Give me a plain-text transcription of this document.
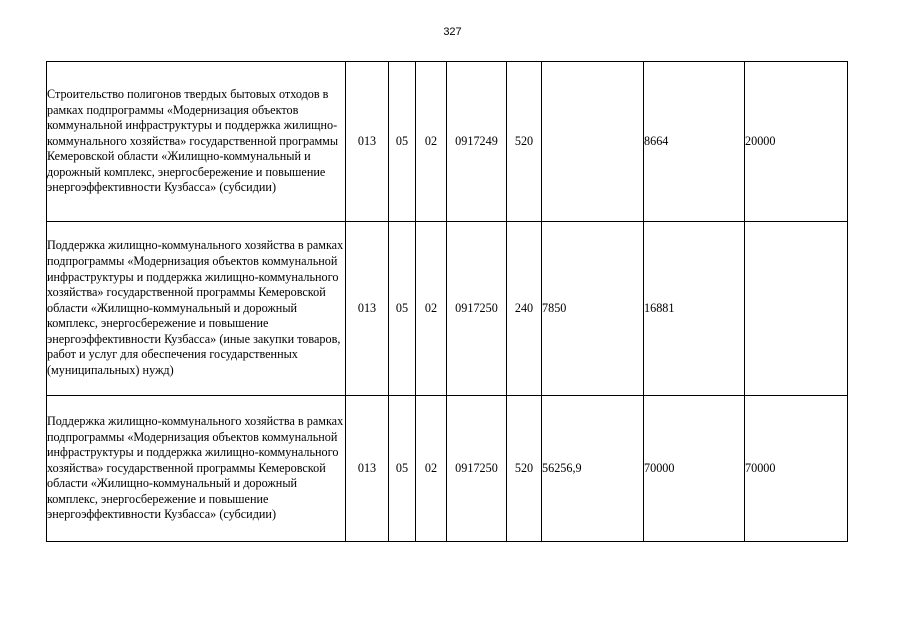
327
Строительство полигонов твердых бытовых отходов в рамках подпрограммы «Модернизация объектов коммунальной инфраструктуры и поддержка жилищно-коммунального хозяйства» государственной программы Кемеровской области «Жилищно-коммунальный и дорожный комплекс, энергосбережение и повышение энергоэффективности Кузбасса» (субсидии)	013	05	02	0917249	520		8664	20000
Поддержка жилищно-коммунального хозяйства в рамках подпрограммы «Модернизация объектов коммунальной инфраструктуры и поддержка жилищно-коммунального хозяйства» государственной программы Кемеровской области «Жилищно-коммунальный и дорожный комплекс, энергосбережение и повышение энергоэффективности Кузбасса» (иные закупки товаров, работ и услуг для обеспечения государственных (муниципальных) нужд)	013	05	02	0917250	240	7850	16881	
Поддержка жилищно-коммунального хозяйства в рамках подпрограммы «Модернизация объектов коммунальной инфраструктуры и поддержка жилищно-коммунального хозяйства» государственной программы Кемеровской области «Жилищно-коммунальный и дорожный комплекс, энергосбережение и повышение энергоэффективности Кузбасса» (субсидии)	013	05	02	0917250	520	56256,9	70000	70000
